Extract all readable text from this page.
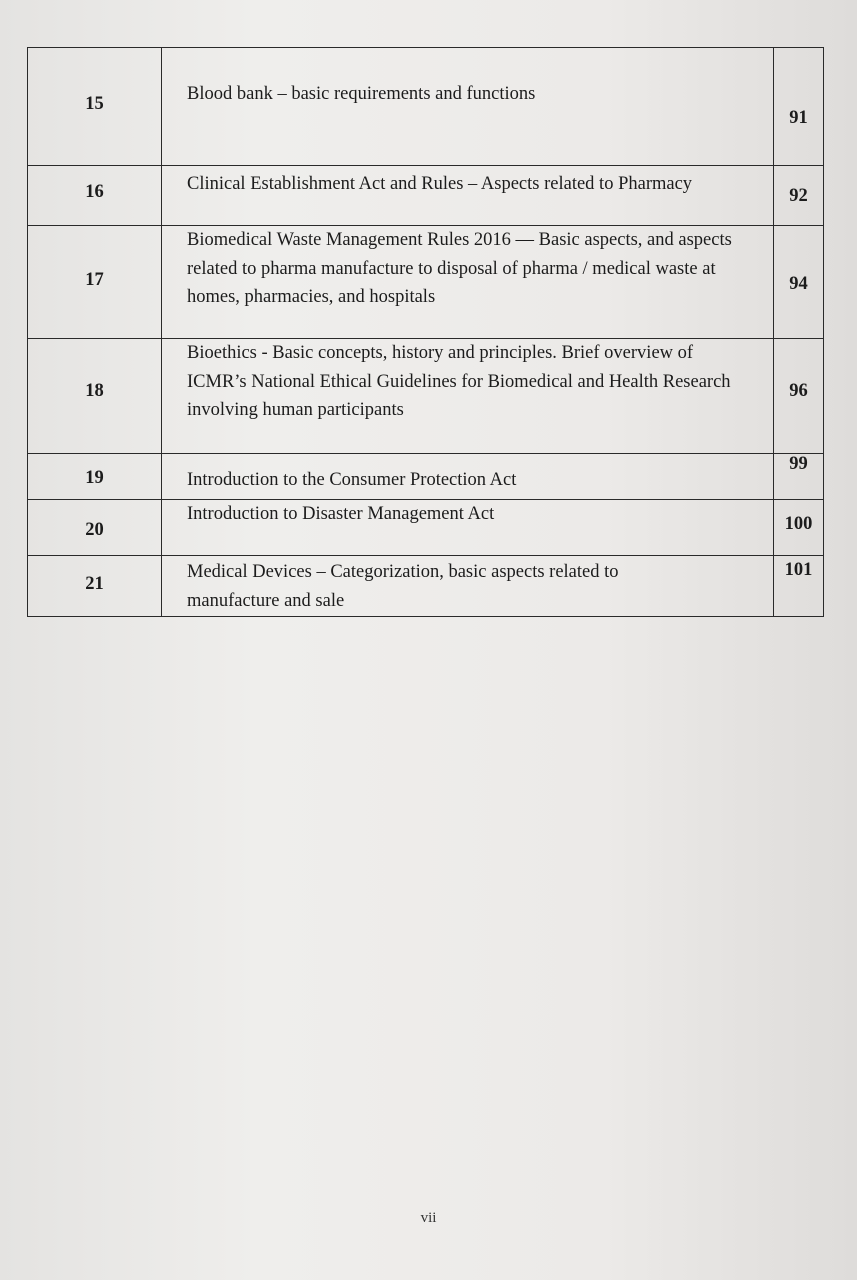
15	Blood bank – basic requirements and functions	91
16	Clinical Establishment Act and Rules – Aspects related to Pharmacy	92
17	Biomedical Waste Management Rules 2016 — Basic aspects, and aspects related to pharma manufacture to disposal of pharma / medical waste at homes, pharmacies, and hospitals	94
18	Bioethics - Basic concepts, history and principles. Brief overview of ICMR’s National Ethical Guidelines for Biomedical and Health Research involving human participants	96
19	Introduction to the Consumer Protection Act	99
20	Introduction to Disaster Management Act	100
21	Medical Devices – Categorization, basic aspects related to manufacture and sale	101
vii
